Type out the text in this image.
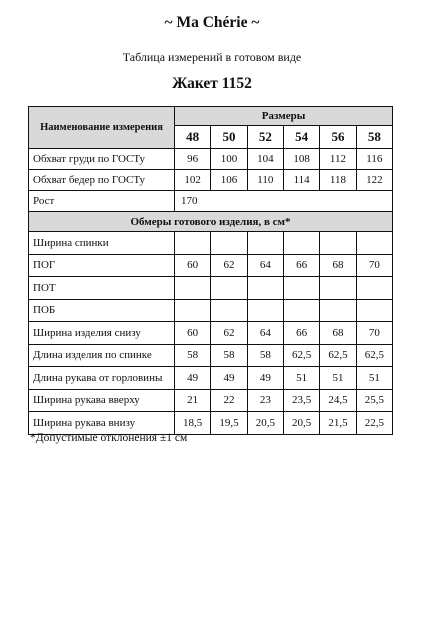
~ Ma Chérie ~
Таблица измерений в готовом виде
Жакет 1152
Наименование измерения	Размеры					
	48	50	52	54	56	58
Обхват груди по ГОСТу	96	100	104	108	112	116
Обхват бедер по ГОСТу	102	106	110	114	118	122
Рост	170					
Обмеры готового изделия, в см*						
Ширина спинки						
ПОГ	60	62	64	66	68	70
ПОТ						
ПОБ						
Ширина изделия снизу	60	62	64	66	68	70
Длина изделия по спинке	58	58	58	62,5	62,5	62,5
Длина рукава от горловины	49	49	49	51	51	51
Ширина рукава вверху	21	22	23	23,5	24,5	25,5
Ширина рукава внизу	18,5	19,5	20,5	20,5	21,5	22,5
*Допустимые отклонения ±1 см
